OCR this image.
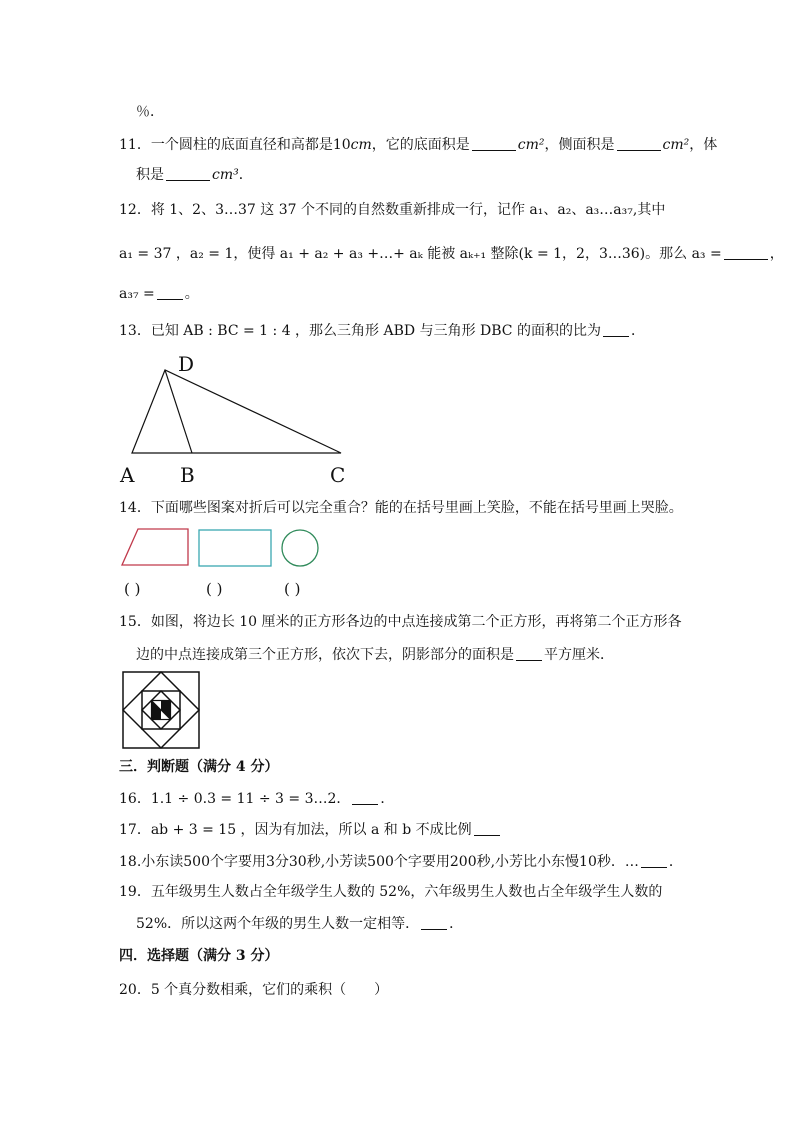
％．
11．一个圆柱的底面直径和高都是10cm，它的底面积是	cm²，侧面积是	cm²，体
积是	cm³．
12．将 1、2、3…37 这 37 个不同的自然数重新排成一行，记作 a₁、a₂、a₃…a₃₇,其中
a₁ = 37 ，a₂ = 1，使得 a₁ + a₂ + a₃ +…+ aₖ 能被 aₖ₊₁ 整除(k = 1，2，3…36)。那么 a₃ =	，
a₃₇ = 。
13．已知 AB : BC = 1 : 4 ，那么三角形 ABD 与三角形 DBC 的面积的比为 ．
D
A B	C
14．下面哪些图案对折后可以完全重合？能的在括号里画上笑脸，不能在括号里画上哭脸。
( )	( )	( )
15．如图，将边长 10 厘米的正方形各边的中点连接成第二个正方形，再将第二个正方形各
边的中点连接成第三个正方形，依次下去，阴影部分的面积是 平方厘米．
三．判断题（满分 4 分）
16．1.1 ÷ 0.3 = 11 ÷ 3 = 3…2． ．
17．ab + 3 = 15 ，因为有加法，所以 a 和 b 不成比例
18.小东读500个字要用3分30秒,小芳读500个字要用200秒,小芳比小东慢10秒．… ．
19．五年级男生人数占全年级学生人数的 52%，六年级男生人数也占全年级学生人数的
52%．所以这两个年级的男生人数一定相等． ．
四．选择题（满分 3 分）
20．5 个真分数相乘，它们的乘积（　　）
